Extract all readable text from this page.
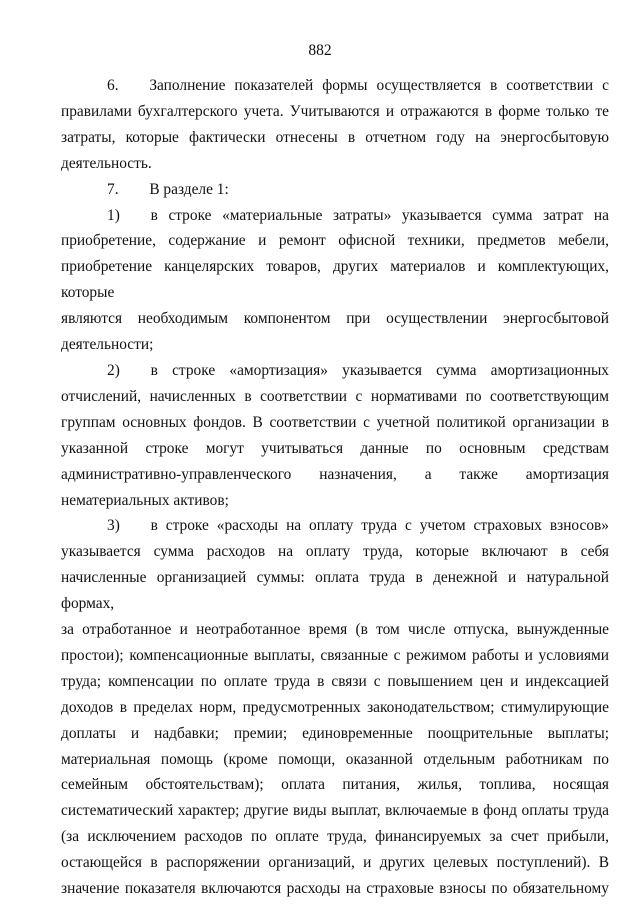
882
6.  Заполнение показателей формы осуществляется в соответствии с
правилами бухгалтерского учета. Учитываются и отражаются в форме только те
затраты, которые фактически отнесены в отчетном году на энергосбытовую
деятельность.
7.  В разделе 1:
1)  в строке «материальные затраты» указывается сумма затрат на
приобретение, содержание и ремонт офисной техники, предметов мебели,
приобретение канцелярских товаров, других материалов и комплектующих, которые
являются необходимым компонентом при осуществлении энергосбытовой
деятельности;
2)  в строке «амортизация» указывается сумма амортизационных
отчислений, начисленных в соответствии с нормативами по соответствующим
группам основных фондов. В соответствии с учетной политикой организации в
указанной строке могут учитываться данные по основным средствам
административно-управленческого назначения, а также амортизация
нематериальных активов;
3)  в строке «расходы на оплату труда с учетом страховых взносов»
указывается сумма расходов на оплату труда, которые включают в себя
начисленные организацией суммы: оплата труда в денежной и натуральной формах,
за отработанное и неотработанное время (в том числе отпуска, вынужденные
простои); компенсационные выплаты, связанные с режимом работы и условиями
труда; компенсации по оплате труда в связи с повышением цен и индексацией
доходов в пределах норм, предусмотренных законодательством; стимулирующие
доплаты и надбавки; премии; единовременные поощрительные выплаты;
материальная помощь (кроме помощи, оказанной отдельным работникам по
семейным обстоятельствам); оплата питания, жилья, топлива, носящая
систематический характер; другие виды выплат, включаемые в фонд оплаты труда
(за исключением расходов по оплате труда, финансируемых за счет прибыли,
остающейся в распоряжении организаций, и других целевых поступлений). В
значение показателя включаются расходы на страховые взносы по обязательному
